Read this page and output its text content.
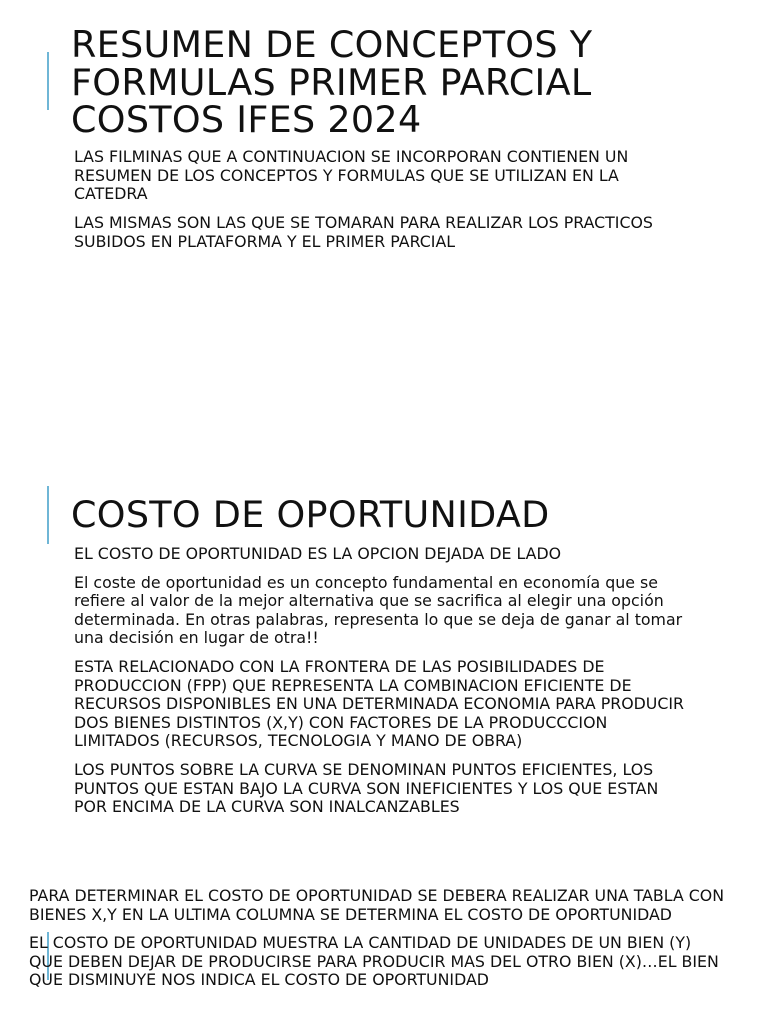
RESUMEN DE CONCEPTOS Y FORMULAS PRIMER PARCIAL COSTOS IFES 2024

LAS FILMINAS QUE A CONTINUACION SE INCORPORAN CONTIENEN UN RESUMEN DE LOS CONCEPTOS Y FORMULAS QUE SE UTILIZAN EN LA CATEDRA

LAS MISMAS SON LAS QUE SE TOMARAN PARA REALIZAR LOS PRACTICOS SUBIDOS EN PLATAFORMA Y EL PRIMER PARCIAL

COSTO DE OPORTUNIDAD

EL COSTO DE OPORTUNIDAD ES LA OPCION DEJADA DE LADO

El coste de oportunidad es un concepto fundamental en economía que se refiere al valor de la mejor alternativa que se sacrifica al elegir una opción determinada. En otras palabras, representa lo que se deja de ganar al tomar una decisión en lugar de otra!!

ESTA RELACIONADO CON LA FRONTERA DE LAS POSIBILIDADES DE PRODUCCION (FPP) QUE REPRESENTA LA COMBINACION EFICIENTE DE RECURSOS DISPONIBLES EN UNA DETERMINADA ECONOMIA PARA PRODUCIR DOS BIENES DISTINTOS (X,Y) CON FACTORES DE LA PRODUCCCION LIMITADOS (RECURSOS, TECNOLOGIA Y MANO DE OBRA)

LOS PUNTOS SOBRE LA CURVA SE DENOMINAN PUNTOS EFICIENTES, LOS PUNTOS QUE ESTAN BAJO LA CURVA SON INEFICIENTES Y LOS QUE ESTAN POR ENCIMA DE LA CURVA SON INALCANZABLES

PARA DETERMINAR EL COSTO DE OPORTUNIDAD SE DEBERA REALIZAR UNA TABLA CON BIENES X,Y EN LA ULTIMA COLUMNA SE DETERMINA EL COSTO DE OPORTUNIDAD

EL COSTO DE OPORTUNIDAD MUESTRA LA CANTIDAD DE UNIDADES DE UN BIEN (Y) QUE DEBEN DEJAR DE PRODUCIRSE PARA PRODUCIR MAS DEL OTRO BIEN (X)…EL BIEN QUE DISMINUYE NOS INDICA EL COSTO DE OPORTUNIDAD
